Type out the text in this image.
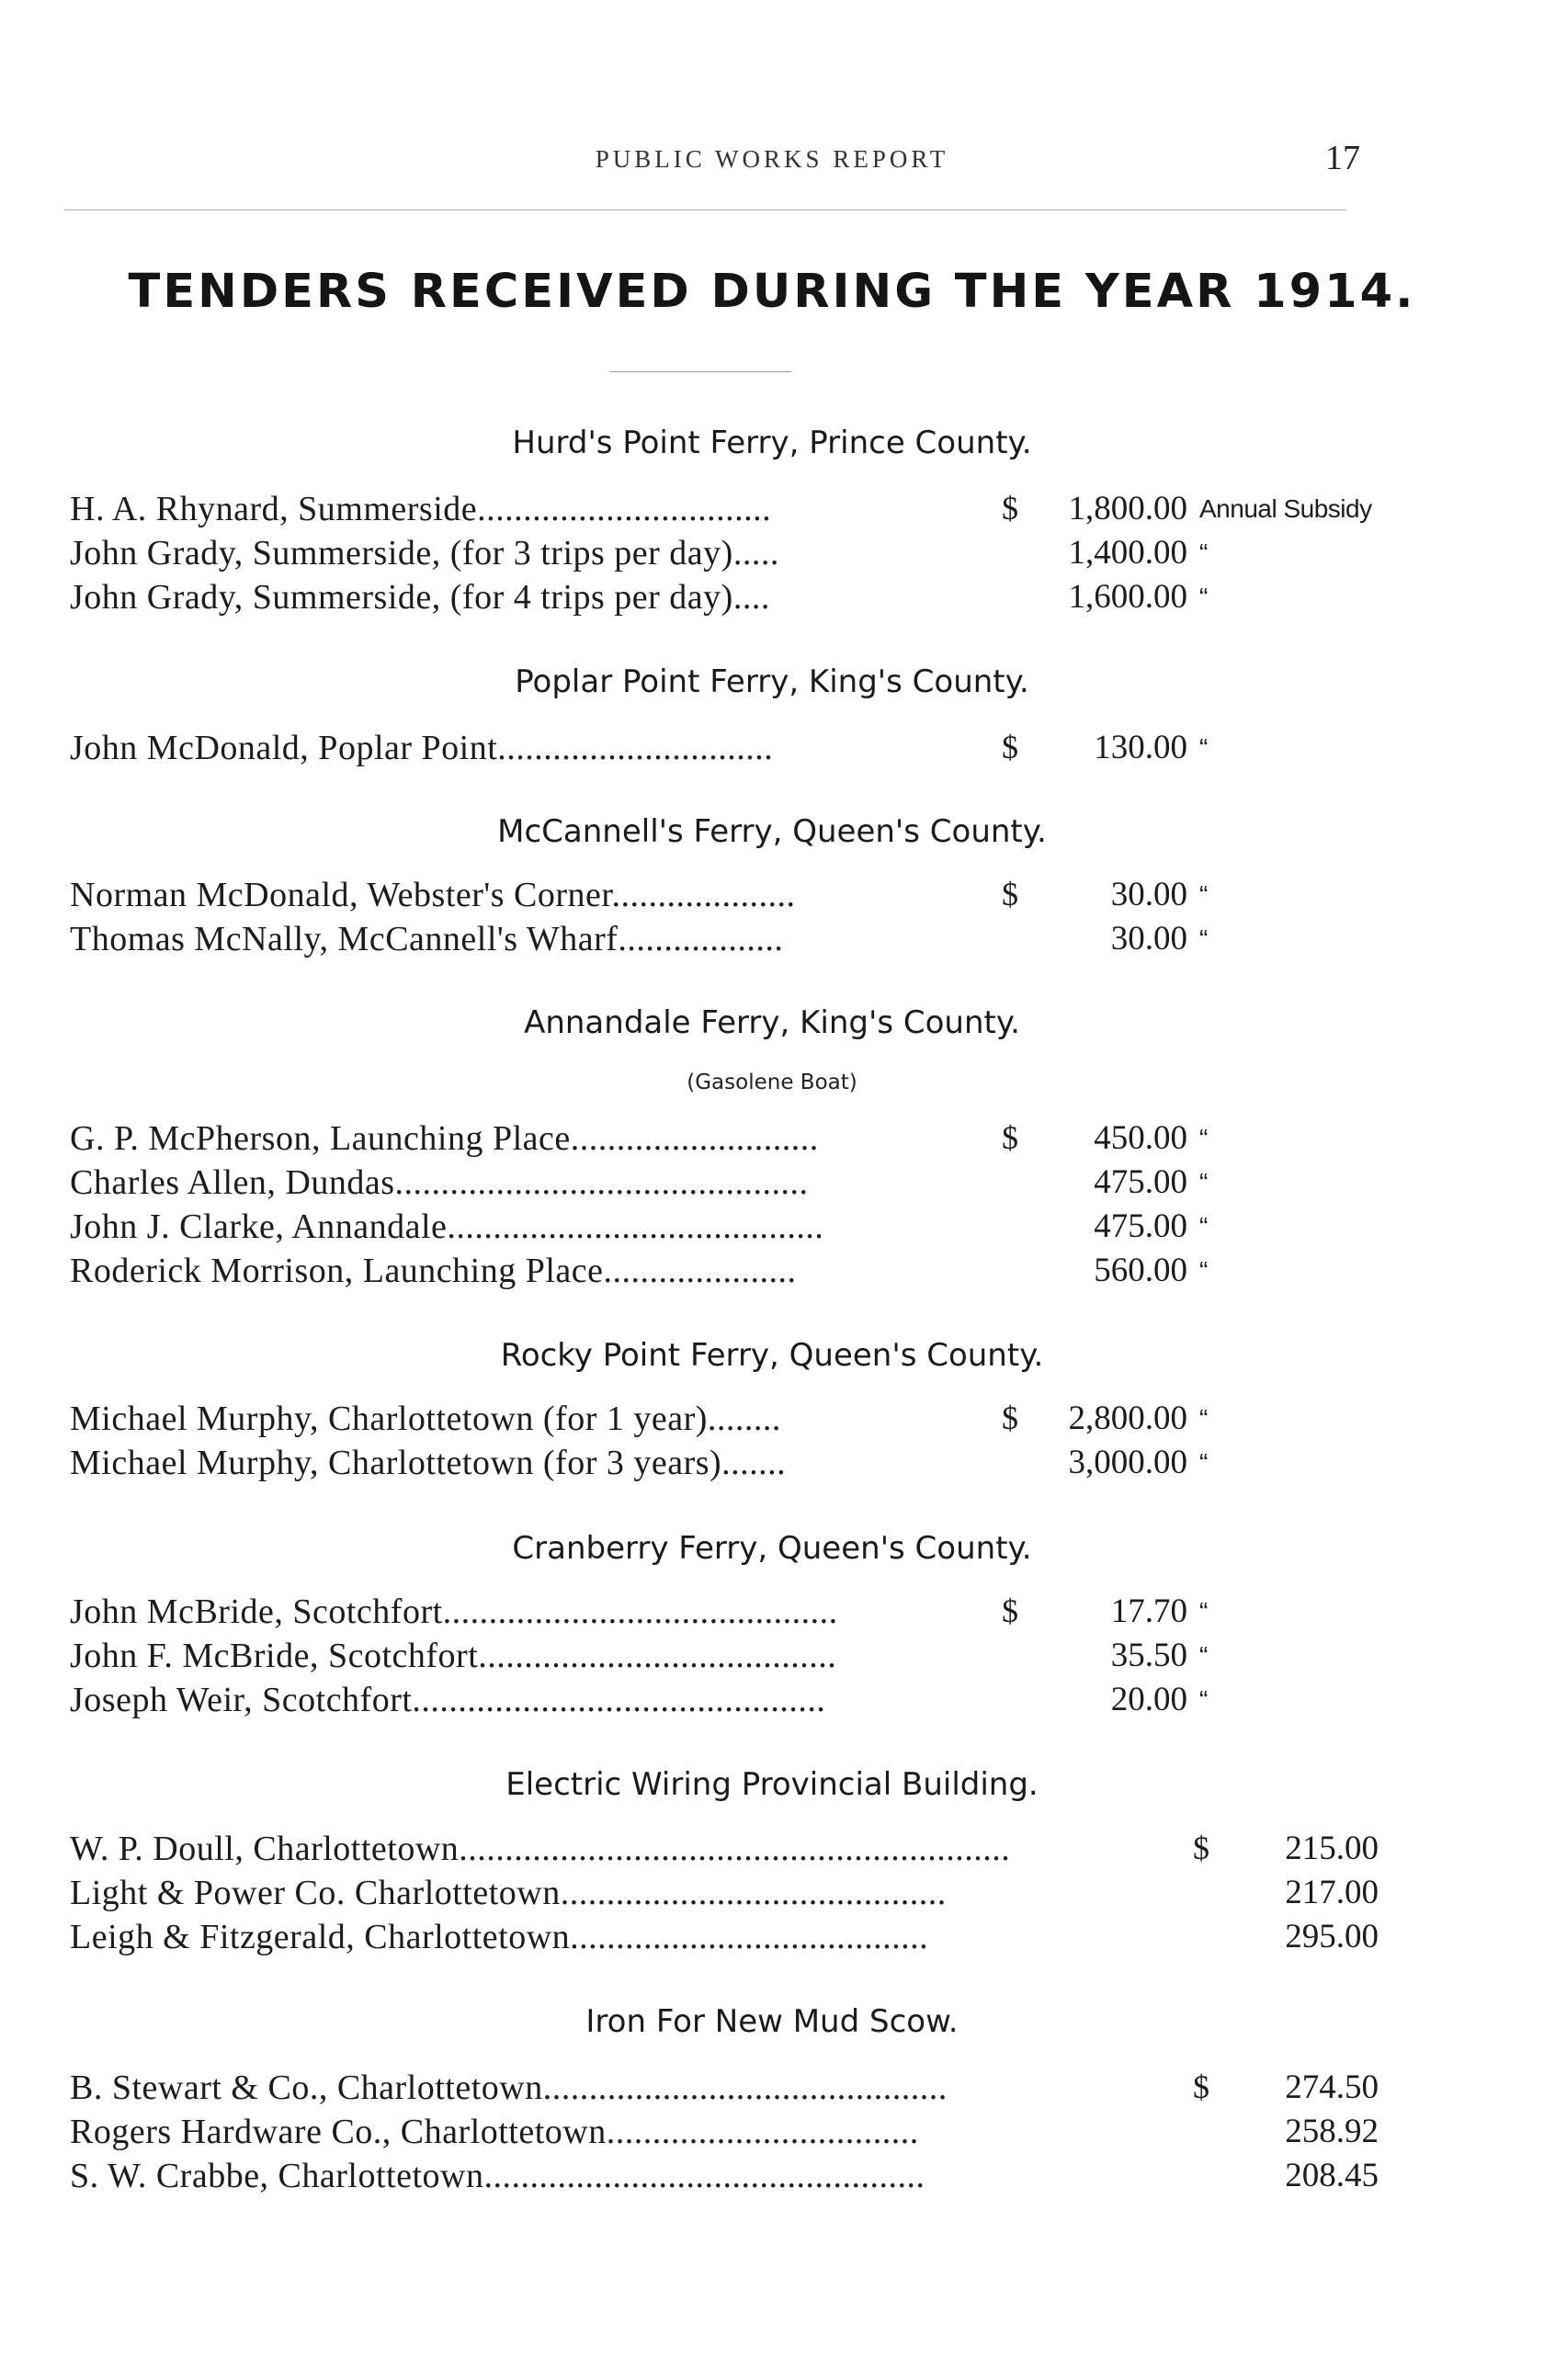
PUBLIC WORKS REPORT	17
TENDERS RECEIVED DURING THE YEAR 1914.
Hurd's Point Ferry, Prince County.
H. A. Rhynard, Summerside................................	$	1,800.00 Annual Subsidy
John Grady, Summerside, (for 3 trips per day).....	1,400.00 “
John Grady, Summerside, (for 4 trips per day)....	1,600.00 “
Poplar Point Ferry, King's County.
John McDonald, Poplar Point..............................	$	130.00 “
McCannell's Ferry, Queen's County.
Norman McDonald, Webster's Corner....................	$	30.00 “
Thomas McNally, McCannell's Wharf..................	30.00 “
Annandale Ferry, King's County.
(Gasolene Boat)
G. P. McPherson, Launching Place...........................	$	450.00 “
Charles Allen, Dundas.............................................	475.00 “
John J. Clarke, Annandale.........................................	475.00 “
Roderick Morrison, Launching Place.....................	560.00 “
Rocky Point Ferry, Queen's County.
Michael Murphy, Charlottetown (for 1 year)........	$	2,800.00 “
Michael Murphy, Charlottetown (for 3 years).......	3,000.00 “
Cranberry Ferry, Queen's County.
John McBride, Scotchfort...........................................	$	17.70 “
John F. McBride, Scotchfort.......................................	35.50 “
Joseph Weir, Scotchfort.............................................	20.00 “
Electric Wiring Provincial Building.
W. P. Doull, Charlottetown............................................................	$	215.00
Light & Power Co. Charlottetown..........................................	217.00
Leigh & Fitzgerald, Charlottetown.......................................	295.00
Iron For New Mud Scow.
B. Stewart & Co., Charlottetown............................................	$	274.50
Rogers Hardware Co., Charlottetown..................................	258.92
S. W. Crabbe, Charlottetown................................................	208.45
